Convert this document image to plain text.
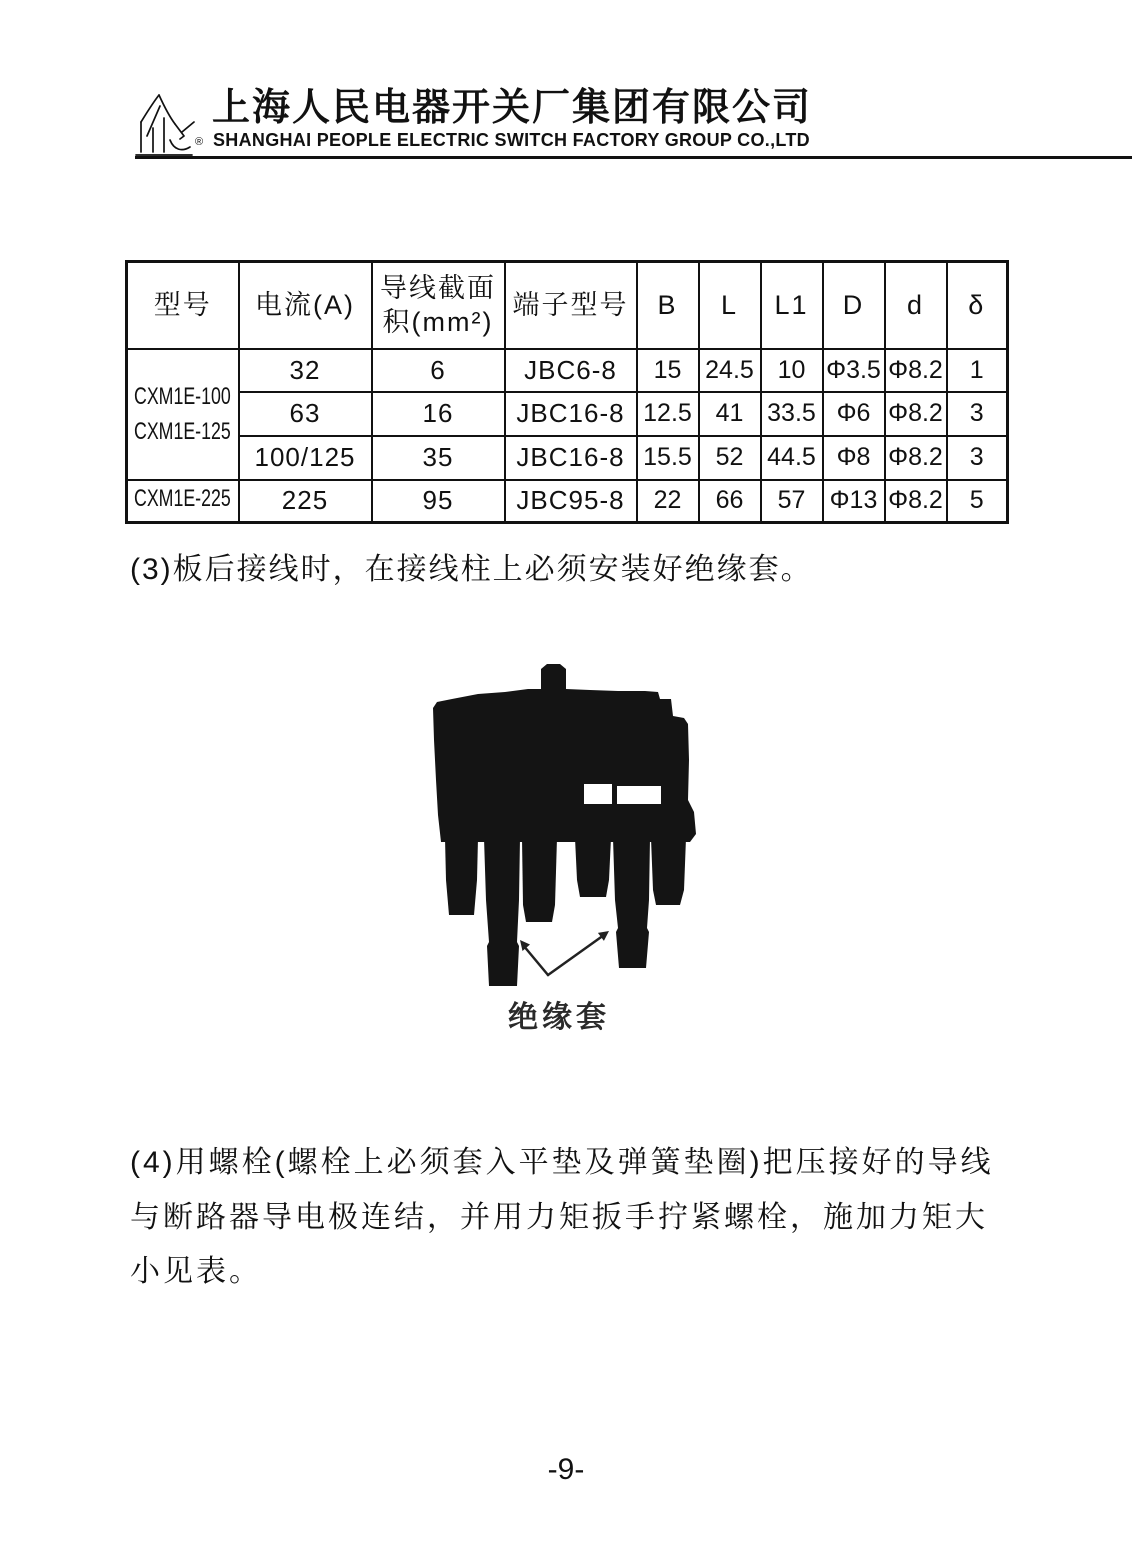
®
上海人民电器开关厂集团有限公司
SHANGHAI PEOPLE ELECTRIC SWITCH FACTORY GROUP CO.,LTD
型号	电流(A)	导线截面
积(mm²)	端子型号	B	L	L1	D	d	δ

CXM1E-100
CXM1E-125	32	6	JBC6-8	15	24.5	10	Φ3.5	Φ8.2	1
	63	16	JBC16-8	12.5	41	33.5	Φ6	Φ8.2	3
	100/125	35	JBC16-8	15.5	52	44.5	Φ8	Φ8.2	3
CXM1E-225	225	95	JBC95-8	22	66	57	Φ13	Φ8.2	5
(3)板后接线时，在接线柱上必须安装好绝缘套。
绝缘套
(4)用螺栓(螺栓上必须套入平垫及弹簧垫圈)把压接好的导线
与断路器导电极连结，并用力矩扳手拧紧螺栓，施加力矩大
小见表。
-9-
